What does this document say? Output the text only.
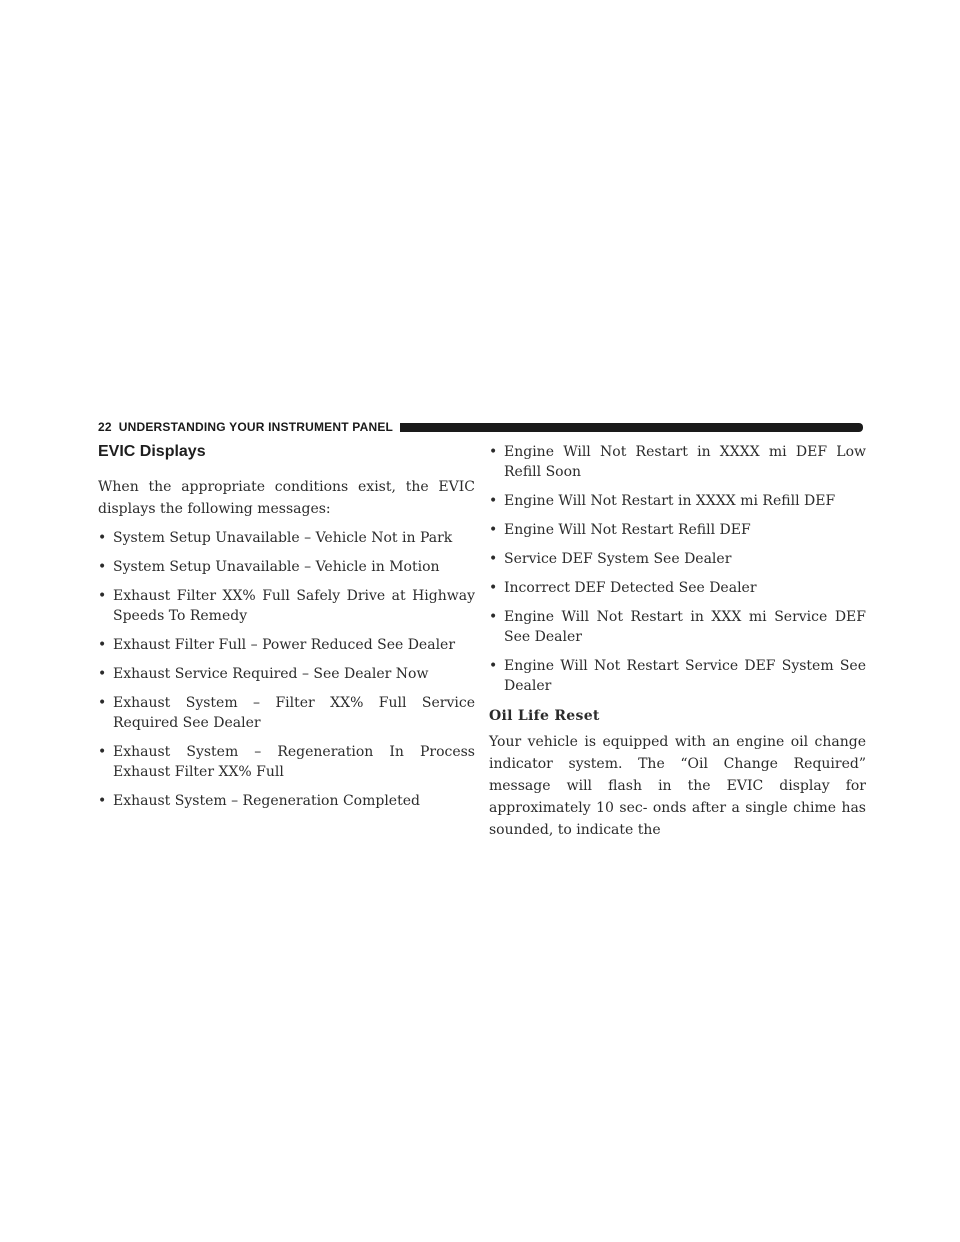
22 UNDERSTANDING YOUR INSTRUMENT PANEL
EVIC Displays

When the appropriate conditions exist, the EVIC displays the following messages:

• System Setup Unavailable – Vehicle Not in Park
• System Setup Unavailable – Vehicle in Motion
• Exhaust Filter XX% Full Safely Drive at Highway Speeds To Remedy
• Exhaust Filter Full – Power Reduced See Dealer
• Exhaust Service Required – See Dealer Now
• Exhaust System – Filter XX% Full Service Required See Dealer
• Exhaust System – Regeneration In Process Exhaust Filter XX% Full
• Exhaust System – Regeneration Completed
• Engine Will Not Restart in XXXX mi DEF Low Refill Soon
• Engine Will Not Restart in XXXX mi Refill DEF
• Engine Will Not Restart Refill DEF
• Service DEF System See Dealer
• Incorrect DEF Detected See Dealer
• Engine Will Not Restart in XXX mi Service DEF See Dealer
• Engine Will Not Restart Service DEF System See Dealer
Oil Life Reset

Your vehicle is equipped with an engine oil change indicator system. The “Oil Change Required” message will flash in the EVIC display for approximately 10 sec- onds after a single chime has sounded, to indicate the
